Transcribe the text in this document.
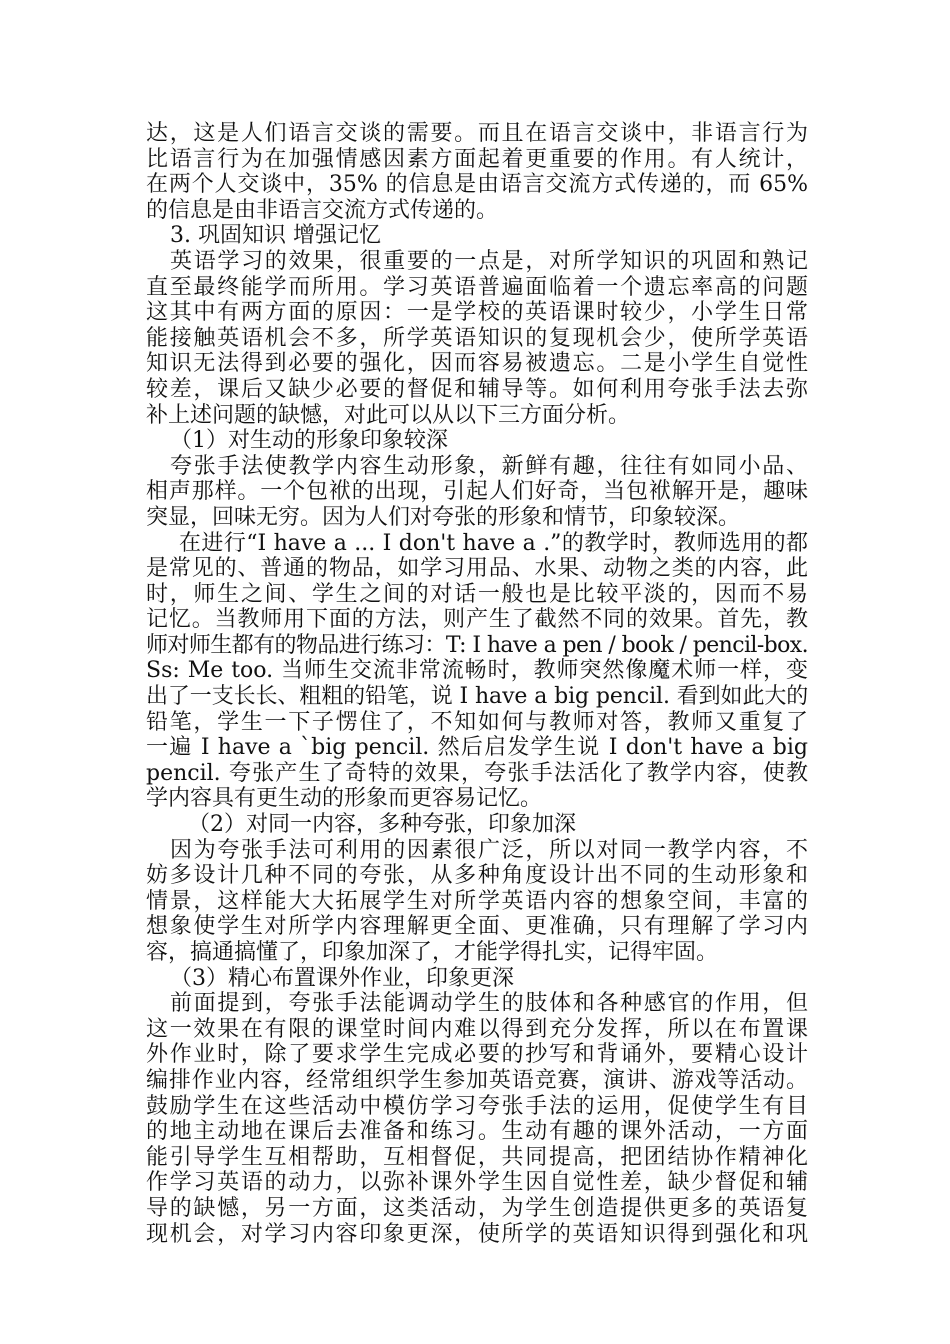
达，这是人们语言交谈的需要。而且在语言交谈中，非语言行为
比语言行为在加强情感因素方面起着更重要的作用。有人统计，
在两个人交谈中，35% 的信息是由语言交流方式传递的，而 65%
的信息是由非语言交流方式传递的。
3. 巩固知识 增强记忆
英语学习的效果，很重要的一点是，对所学知识的巩固和熟记
直至最终能学而所用。学习英语普遍面临着一个遗忘率高的问题
这其中有两方面的原因：一是学校的英语课时较少，小学生日常
能接触英语机会不多，所学英语知识的复现机会少，使所学英语
知识无法得到必要的强化，因而容易被遗忘。二是小学生自觉性
较差，课后又缺少必要的督促和辅导等。如何利用夸张手法去弥
补上述问题的缺憾，对此可以从以下三方面分析。
（1）对生动的形象印象较深
夸张手法使教学内容生动形象，新鲜有趣，往往有如同小品、
相声那样。一个包袱的出现，引起人们好奇，当包袱解开是，趣味
突显，回味无穷。因为人们对夸张的形象和情节，印象较深。
在进行“I have a ... I don't have a .”的教学时，教师选用的都
是常见的、普通的物品，如学习用品、水果、动物之类的内容，此
时，师生之间、学生之间的对话一般也是比较平淡的，因而不易
记忆。当教师用下面的方法，则产生了截然不同的效果。首先，教
师对师生都有的物品进行练习：T: I have a pen / book / pencil-box.
Ss: Me too. 当师生交流非常流畅时，教师突然像魔术师一样，变
出了一支长长、粗粗的铅笔，说 I have a big pencil. 看到如此大的
铅笔，学生一下子愣住了，不知如何与教师对答，教师又重复了
一遍 I have a `big pencil. 然后启发学生说 I don't have a big
pencil. 夸张产生了奇特的效果，夸张手法活化了教学内容，使教
学内容具有更生动的形象而更容易记忆。
（2）对同一内容，多种夸张，印象加深
因为夸张手法可利用的因素很广泛，所以对同一教学内容，不
妨多设计几种不同的夸张，从多种角度设计出不同的生动形象和
情景，这样能大大拓展学生对所学英语内容的想象空间，丰富的
想象使学生对所学内容理解更全面、更准确，只有理解了学习内
容，搞通搞懂了，印象加深了，才能学得扎实，记得牢固。
（3）精心布置课外作业，印象更深
前面提到，夸张手法能调动学生的肢体和各种感官的作用，但
这一效果在有限的课堂时间内难以得到充分发挥，所以在布置课
外作业时，除了要求学生完成必要的抄写和背诵外，要精心设计
编排作业内容，经常组织学生参加英语竞赛，演讲、游戏等活动。
鼓励学生在这些活动中模仿学习夸张手法的运用，促使学生有目
的地主动地在课后去准备和练习。生动有趣的课外活动，一方面
能引导学生互相帮助，互相督促，共同提高，把团结协作精神化
作学习英语的动力，以弥补课外学生因自觉性差，缺少督促和辅
导的缺憾，另一方面，这类活动，为学生创造提供更多的英语复
现机会，对学习内容印象更深，使所学的英语知识得到强化和巩
